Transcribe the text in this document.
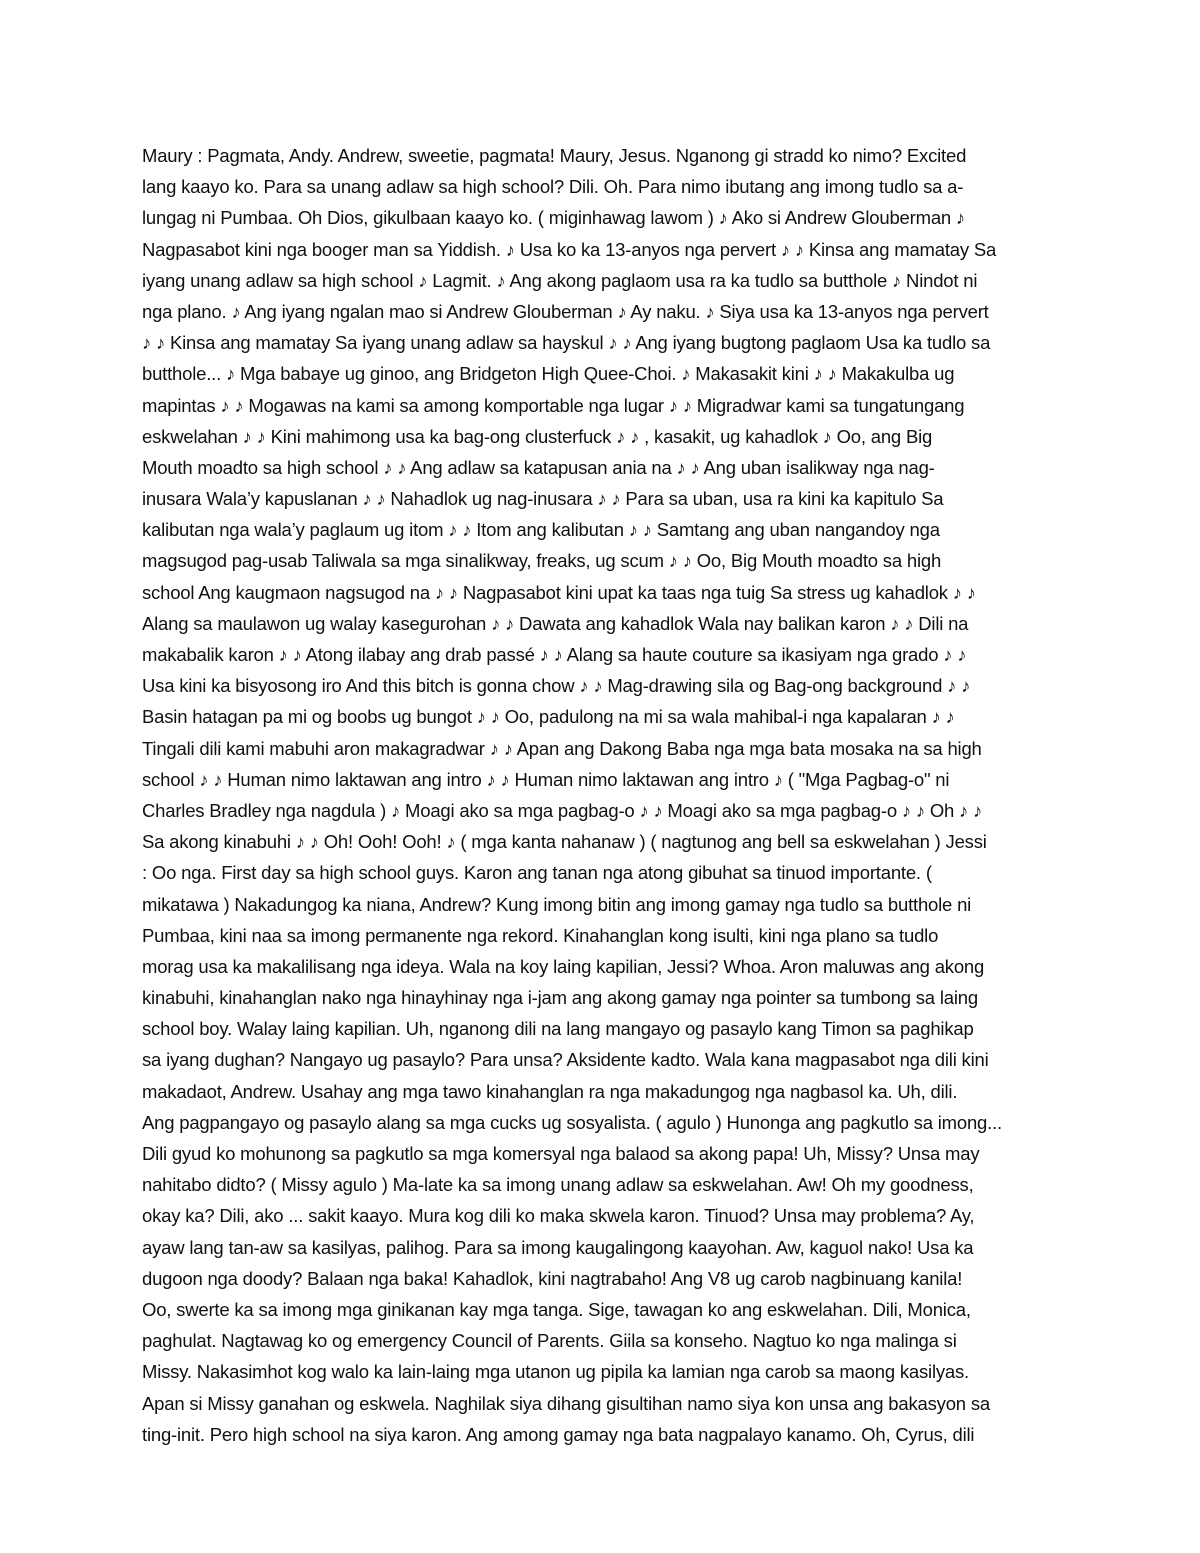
Maury : Pagmata, Andy. Andrew, sweetie, pagmata! Maury, Jesus. Nganong gi stradd ko nimo? Excited
lang kaayo ko. Para sa unang adlaw sa high school? Dili. Oh. Para nimo ibutang ang imong tudlo sa a-
lungag ni Pumbaa. Oh Dios, gikulbaan kaayo ko. ( miginhawag lawom ) ♪ Ako si Andrew Glouberman ♪
Nagpasabot kini nga booger man sa Yiddish. ♪ Usa ko ka 13-anyos nga pervert ♪ ♪ Kinsa ang mamatay Sa
iyang unang adlaw sa high school ♪ Lagmit. ♪ Ang akong paglaom usa ra ka tudlo sa butthole ♪ Nindot ni
nga plano. ♪ Ang iyang ngalan mao si Andrew Glouberman ♪ Ay naku. ♪ Siya usa ka 13-anyos nga pervert
♪ ♪ Kinsa ang mamatay Sa iyang unang adlaw sa hayskul ♪ ♪ Ang iyang bugtong paglaom Usa ka tudlo sa
butthole... ♪ Mga babaye ug ginoo, ang Bridgeton High Quee-Choi. ♪ Makasakit kini ♪ ♪ Makakulba ug
mapintas ♪ ♪ Mogawas na kami sa among komportable nga lugar ♪ ♪ Migradwar kami sa tungatungang
eskwelahan ♪ ♪ Kini mahimong usa ka bag-ong clusterfuck ♪ ♪ , kasakit, ug kahadlok ♪ Oo, ang Big
Mouth moadto sa high school ♪ ♪ Ang adlaw sa katapusan ania na ♪ ♪ Ang uban isalikway nga nag-
inusara Wala’y kapuslanan ♪ ♪ Nahadlok ug nag-inusara ♪ ♪ Para sa uban, usa ra kini ka kapitulo Sa
kalibutan nga wala’y paglaum ug itom ♪ ♪ Itom ang kalibutan ♪ ♪ Samtang ang uban nangandoy nga
magsugod pag-usab Taliwala sa mga sinalikway, freaks, ug scum ♪ ♪ Oo, Big Mouth moadto sa high
school Ang kaugmaon nagsugod na ♪ ♪ Nagpasabot kini upat ka taas nga tuig Sa stress ug kahadlok ♪ ♪
Alang sa maulawon ug walay kasegurohan ♪ ♪ Dawata ang kahadlok Wala nay balikan karon ♪ ♪ Dili na
makabalik karon ♪ ♪ Atong ilabay ang drab passé ♪ ♪ Alang sa haute couture sa ikasiyam nga grado ♪ ♪
Usa kini ka bisyosong iro And this bitch is gonna chow ♪ ♪ Mag-drawing sila og Bag-ong background ♪ ♪
Basin hatagan pa mi og boobs ug bungot ♪ ♪ Oo, padulong na mi sa wala mahibal-i nga kapalaran ♪ ♪
Tingali dili kami mabuhi aron makagradwar ♪ ♪ Apan ang Dakong Baba nga mga bata mosaka na sa high
school ♪ ♪ Human nimo laktawan ang intro ♪ ♪ Human nimo laktawan ang intro ♪ ( "Mga Pagbag-o" ni
Charles Bradley nga nagdula ) ♪ Moagi ako sa mga pagbag-o ♪ ♪ Moagi ako sa mga pagbag-o ♪ ♪ Oh ♪ ♪
Sa akong kinabuhi ♪ ♪ Oh! Ooh! Ooh! ♪ ( mga kanta nahanaw ) ( nagtunog ang bell sa eskwelahan ) Jessi
: Oo nga. First day sa high school guys. Karon ang tanan nga atong gibuhat sa tinuod importante. (
mikatawa ) Nakadungog ka niana, Andrew? Kung imong bitin ang imong gamay nga tudlo sa butthole ni
Pumbaa, kini naa sa imong permanente nga rekord. Kinahanglan kong isulti, kini nga plano sa tudlo
morag usa ka makalilisang nga ideya. Wala na koy laing kapilian, Jessi? Whoa. Aron maluwas ang akong
kinabuhi, kinahanglan nako nga hinayhinay nga i-jam ang akong gamay nga pointer sa tumbong sa laing
school boy. Walay laing kapilian. Uh, nganong dili na lang mangayo og pasaylo kang Timon sa paghikap
sa iyang dughan? Nangayo ug pasaylo? Para unsa? Aksidente kadto. Wala kana magpasabot nga dili kini
makadaot, Andrew. Usahay ang mga tawo kinahanglan ra nga makadungog nga nagbasol ka. Uh, dili.
Ang pagpangayo og pasaylo alang sa mga cucks ug sosyalista. ( agulo ) Hunonga ang pagkutlo sa imong...
Dili gyud ko mohunong sa pagkutlo sa mga komersyal nga balaod sa akong papa! Uh, Missy? Unsa may
nahitabo didto? ( Missy agulo ) Ma-late ka sa imong unang adlaw sa eskwelahan. Aw! Oh my goodness,
okay ka? Dili, ako ... sakit kaayo. Mura kog dili ko maka skwela karon. Tinuod? Unsa may problema? Ay,
ayaw lang tan-aw sa kasilyas, palihog. Para sa imong kaugalingong kaayohan. Aw, kaguol nako! Usa ka
dugoon nga doody? Balaan nga baka! Kahadlok, kini nagtrabaho! Ang V8 ug carob nagbinuang kanila!
Oo, swerte ka sa imong mga ginikanan kay mga tanga. Sige, tawagan ko ang eskwelahan. Dili, Monica,
paghulat. Nagtawag ko og emergency Council of Parents. Giila sa konseho. Nagtuo ko nga malinga si
Missy. Nakasimhot kog walo ka lain-laing mga utanon ug pipila ka lamian nga carob sa maong kasilyas.
Apan si Missy ganahan og eskwela. Naghilak siya dihang gisultihan namo siya kon unsa ang bakasyon sa
ting-init. Pero high school na siya karon. Ang among gamay nga bata nagpalayo kanamo. Oh, Cyrus, dili
